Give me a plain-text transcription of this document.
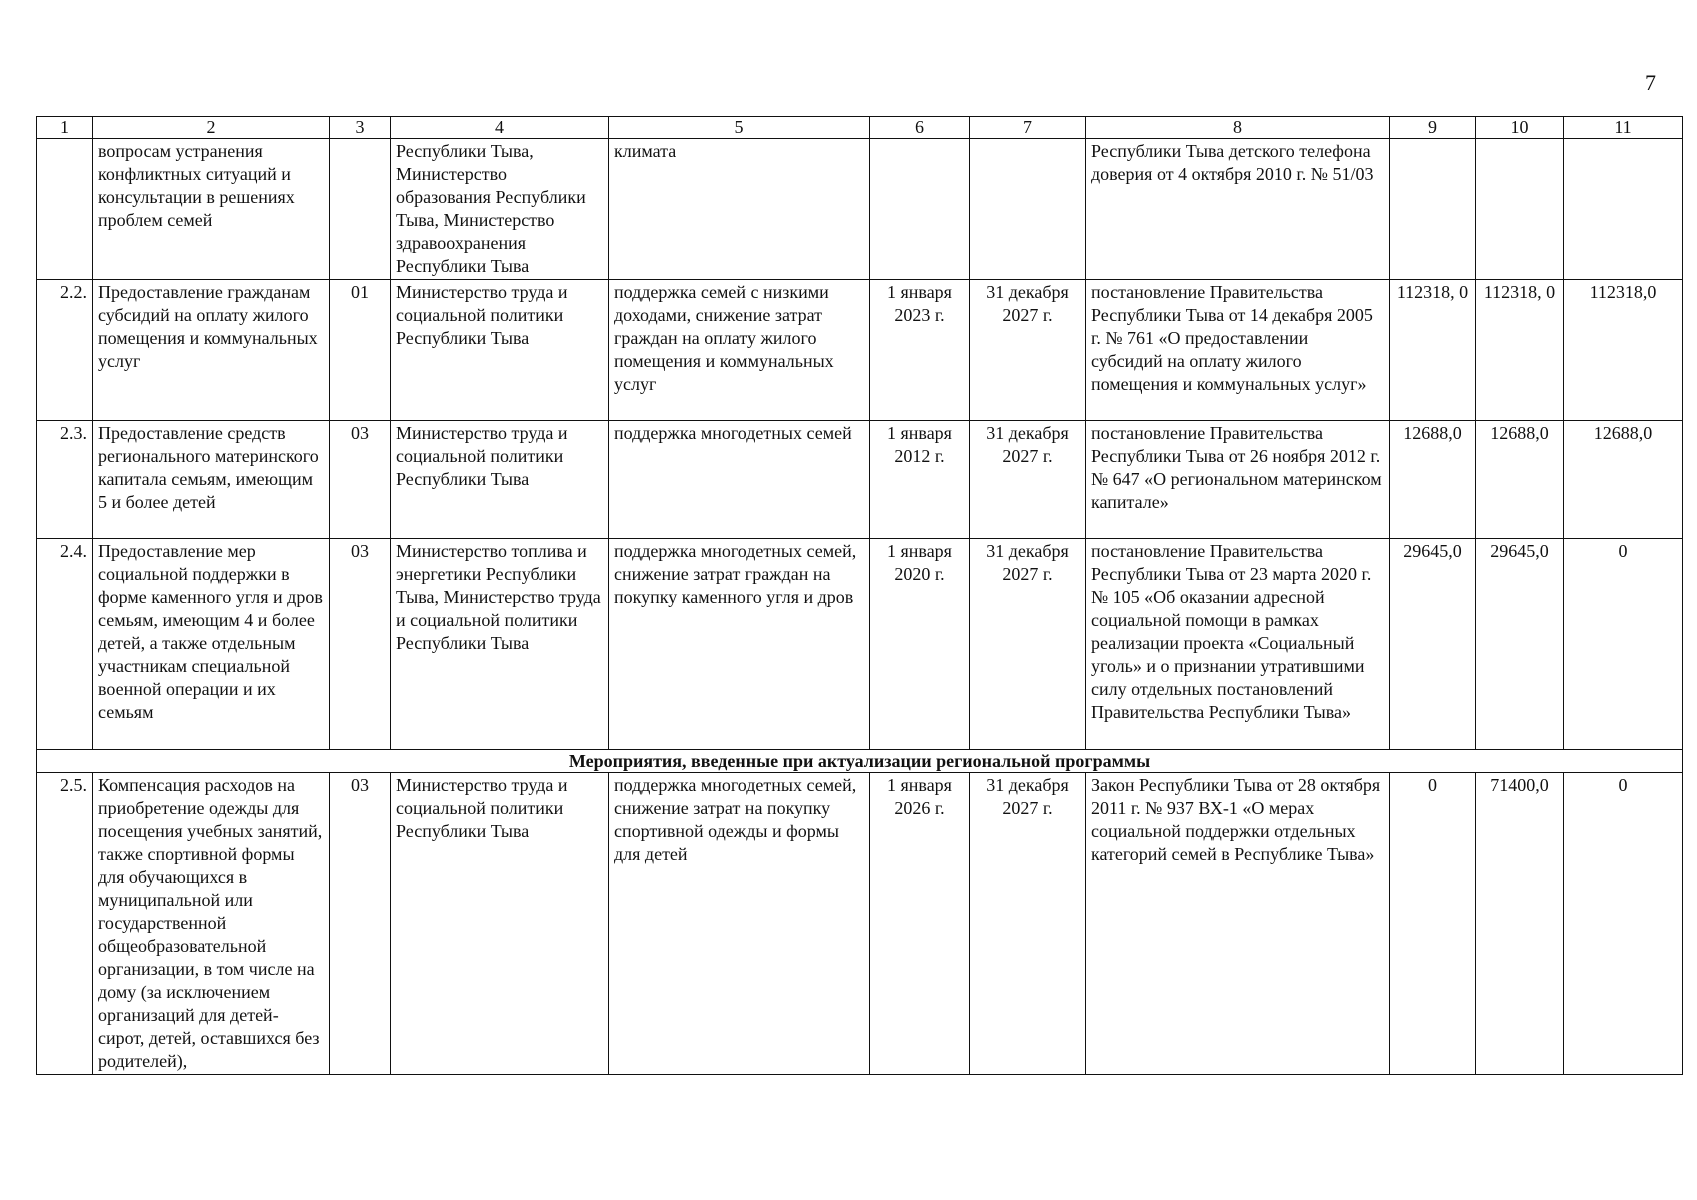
7
1	2	3	4	5	6	7	8	9	10	11
	вопросам устранения конфликтных ситуаций и консультации в решениях проблем семей		Республики Тыва, Министерство образования Республики Тыва, Министерство здравоохранения Республики Тыва	климата			Республики Тыва детского телефона доверия от 4 октября 2010 г. № 51/03			
2.2.	Предоставление гражданам субсидий на оплату жилого помещения и коммунальных услуг	01	Министерство труда и социальной политики Республики Тыва	поддержка семей с низкими доходами, снижение затрат граждан на оплату жилого помещения и коммунальных услуг	1 января 2023 г.	31 декабря 2027 г.	постановление Правительства Республики Тыва от 14 декабря 2005 г. № 761 «О предоставлении субсидий на оплату жилого помещения и коммунальных услуг»	112318, 0	112318, 0	112318,0
2.3.	Предоставление средств регионального материнского капитала семьям, имеющим 5 и более детей	03	Министерство труда и социальной политики Республики Тыва	поддержка многодетных семей	1 января 2012 г.	31 декабря 2027 г.	постановление Правительства Республики Тыва от 26 ноября 2012 г. № 647 «О региональном материнском капитале»	12688,0	12688,0	12688,0
2.4.	Предоставление мер социальной поддержки в форме каменного угля и дров семьям, имеющим 4 и более детей, а также отдельным участникам специальной военной операции и их семьям	03	Министерство топлива и энергетики Республики Тыва, Министерство труда и социальной политики Республики Тыва	поддержка многодетных семей, снижение затрат граждан на покупку каменного угля и дров	1 января 2020 г.	31 декабря 2027 г.	постановление Правительства Республики Тыва от 23 марта 2020 г. № 105 «Об оказании адресной социальной помощи в рамках реализации проекта «Социальный уголь» и о признании утратившими силу отдельных постановлений Правительства Республики Тыва»	29645,0	29645,0	0
Мероприятия, введенные при актуализации региональной программы										
2.5.	Компенсация расходов на приобретение одежды для посещения учебных занятий, также спортивной формы для обучающихся в муниципальной или государственной общеобразовательной организации, в том числе на дому (за исключением организаций для детей-сирот, детей, оставшихся без родителей),	03	Министерство труда и социальной политики Республики Тыва	поддержка многодетных семей, снижение затрат на покупку спортивной одежды и формы для детей	1 января 2026 г.	31 декабря 2027 г.	Закон Республики Тыва от 28 октября 2011 г. № 937 ВХ-1 «О мерах социальной поддержки отдельных категорий семей в Республике Тыва»	0	71400,0	0
